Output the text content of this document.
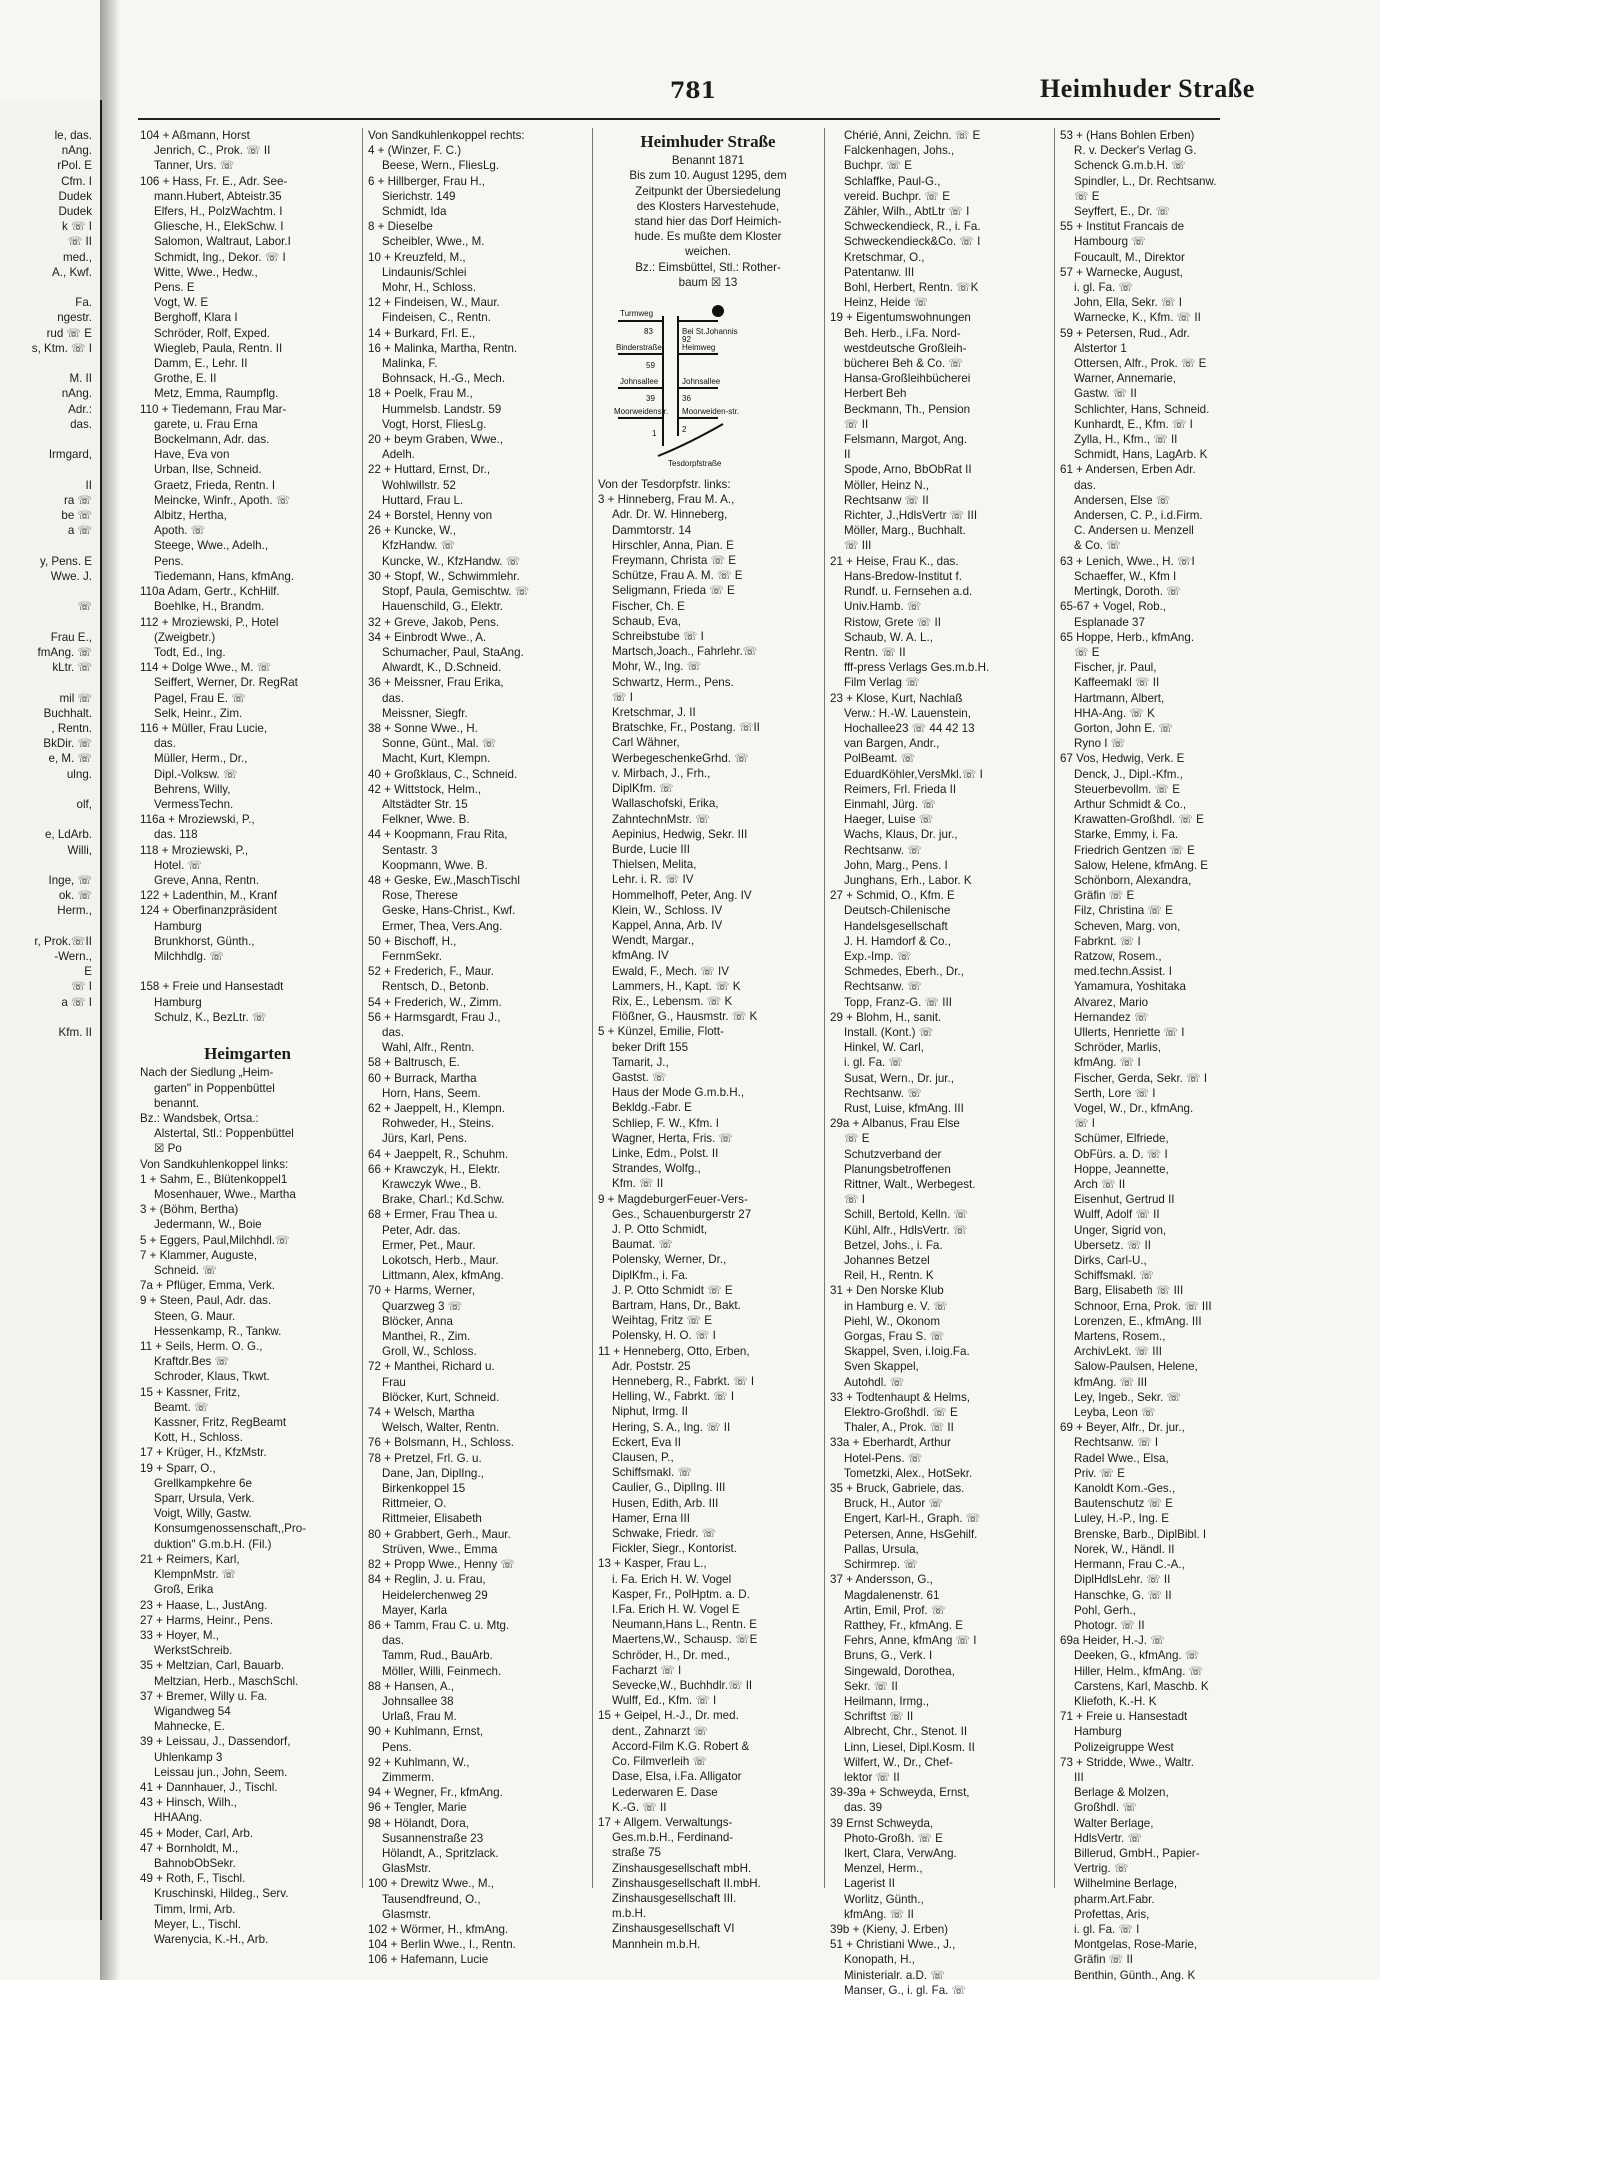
le, das.
nAng.
rPol. E
Cfm. I
Dudek
Dudek
k ☏ I
☏ II
med.,
A., Kwf.

Fa.
ngestr.
rud ☏ E
s, Ktm. ☏ I

M. II
nAng.
Adr.:
das.

Irmgard,

II
ra ☏
be ☏
a ☏

y, Pens. E
Wwe. J.

☏

Frau E.,
fmAng. ☏
kLtr. ☏

mil ☏
Buchhalt.
, Rentn.
BkDir. ☏
e, M. ☏
ulng.

olf,

e, LdArb.
Willi,

Inge, ☏
ok. ☏
Herm.,

r, Prok.☏II
-Wern.,
E
☏ I
a ☏ I

Kfm. II
781	Heimhuder Straße
104 + Aßmann, Horst
Jenrich, C., Prok. ☏ II
Tanner, Urs. ☏
106 + Hass, Fr. E., Adr. See-
mann.Hubert, Abteistr.35
Elfers, H., PolzWachtm. I
Gliesche, H., ElekSchw. I
Salomon, Waltraut, Labor.I
Schmidt, Ing., Dekor. ☏ I
Witte, Wwe., Hedw.,
Pens. E
Vogt, W. E
Berghoff, Klara I
Schröder, Rolf, Exped.
Wiegleb, Paula, Rentn. II
Damm, E., Lehr. II
Grothe, E. II
Metz, Emma, Raumpflg.
110 + Tiedemann, Frau Mar-
garete, u. Frau Erna
Bockelmann, Adr. das.
Have, Eva von
Urban, Ilse, Schneid.
Graetz, Frieda, Rentn. I
Meincke, Winfr., Apoth. ☏
Albitz, Hertha,
Apoth. ☏
Steege, Wwe., Adelh.,
Pens.
Tiedemann, Hans, kfmAng.
110a Adam, Gertr., KchHilf.
Boehlke, H., Brandm.
112 + Mroziewski, P., Hotel
(Zweigbetr.)
Todt, Ed., Ing.
114 + Dolge Wwe., M. ☏
Seiffert, Werner, Dr. RegRat
Pagel, Frau E. ☏
Selk, Heinr., Zim.
116 + Müller, Frau Lucie,
das.
Müller, Herm., Dr.,
Dipl.-Volksw. ☏
Behrens, Willy,
VermessTechn.
116a + Mroziewski, P.,
das. 118
118 + Mroziewski, P.,
Hotel. ☏
Greve, Anna, Rentn.
122 + Ladenthin, M., Kranf
124 + Oberfinanzpräsident
Hamburg
Brunkhorst, Günth.,
Milchhdlg. ☏

158 + Freie und Hansestadt
Hamburg
Schulz, K., BezLtr. ☏

Heimgarten
Nach der Siedlung „Heim-
garten" in Poppenbüttel
benannt.
Bz.: Wandsbek, Ortsa.:
Alstertal, Stl.: Poppenbüttel
☒ Po
Von Sandkuhlenkoppel links:
1 + Sahm, E., Blütenkoppel1
Mosenhauer, Wwe., Martha
3 + (Böhm, Bertha)
Jedermann, W., Boie
5 + Eggers, Paul,Milchhdl.☏
7 + Klammer, Auguste,
Schneid. ☏
7a + Pflüger, Emma, Verk.
9 + Steen, Paul, Adr. das.
Steen, G. Maur.
Hessenkamp, R., Tankw.
11 + Seils, Herm. O. G.,
Kraftdr.Bes ☏
Schroder, Klaus, Tkwt.
15 + Kassner, Fritz,
Beamt. ☏
Kassner, Fritz, RegBeamt
Kott, H., Schloss.
17 + Krüger, H., KfzMstr.
19 + Sparr, O.,
Grellkampkehre 6e
Sparr, Ursula, Verk.
Voigt, Willy, Gastw.
Konsumgenossenschaft,,Pro-
duktion" G.m.b.H. (Fil.)
21 + Reimers, Karl,
KlempnMstr. ☏
Groß, Erika
23 + Haase, L., JustAng.
27 + Harms, Heinr., Pens.
33 + Hoyer, M.,
WerkstSchreib.
35 + Meltzian, Carl, Bauarb.
Meltzian, Herb., MaschSchl.
37 + Bremer, Willy u. Fa.
Wigandweg 54
Mahnecke, E.
39 + Leissau, J., Dassendorf,
Uhlenkamp 3
Leissau jun., John, Seem.
41 + Dannhauer, J., Tischl.
43 + Hinsch, Wilh.,
HHAAng.
45 + Moder, Carl, Arb.
47 + Bornholdt, M.,
BahnobObSekr.
49 + Roth, F., Tischl.
Kruschinski, Hildeg., Serv.
Timm, Irmi, Arb.
Meyer, L., Tischl.
Warenycia, K.-H., Arb.
Von Sandkuhlenkoppel rechts:
4 + (Winzer, F. C.)
Beese, Wern., FliesLg.
6 + Hillberger, Frau H.,
Sierichstr. 149
Schmidt, Ida
8 + Dieselbe
Scheibler, Wwe., M.
10 + Kreuzfeld, M.,
Lindaunis/Schlei
Mohr, H., Schloss.
12 + Findeisen, W., Maur.
Findeisen, C., Rentn.
14 + Burkard, Frl. E.,
16 + Malinka, Martha, Rentn.
Malinka, F.
Bohnsack, H.-G., Mech.
18 + Poelk, Frau M.,
Hummelsb. Landstr. 59
Vogt, Horst, FliesLg.
20 + beym Graben, Wwe.,
Adelh.
22 + Huttard, Ernst, Dr.,
Wohlwillstr. 52
Huttard, Frau L.
24 + Borstel, Henny von
26 + Kuncke, W.,
KfzHandw. ☏
Kuncke, W., KfzHandw. ☏
30 + Stopf, W., Schwimmlehr.
Stopf, Paula, Gemischtw. ☏
Hauenschild, G., Elektr.
32 + Greve, Jakob, Pens.
34 + Einbrodt Wwe., A.
Schumacher, Paul, StaAng.
Alwardt, K., D.Schneid.
36 + Meissner, Frau Erika,
das.
Meissner, Siegfr.
38 + Sonne Wwe., H.
Sonne, Günt., Mal. ☏
Macht, Kurt, Klempn.
40 + Großklaus, C., Schneid.
42 + Wittstock, Helm.,
Altstädter Str. 15
Felkner, Wwe. B.
44 + Koopmann, Frau Rita,
Sentastr. 3
Koopmann, Wwe. B.
48 + Geske, Ew.,MaschTischl
Rose, Therese
Geske, Hans-Christ., Kwf.
Ermer, Thea, Vers.Ang.
50 + Bischoff, H.,
FernmSekr.
52 + Frederich, F., Maur.
Rentsch, D., Betonb.
54 + Frederich, W., Zimm.
56 + Harmsgardt, Frau J.,
das.
Wahl, Alfr., Rentn.
58 + Baltrusch, E.
60 + Burrack, Martha
Horn, Hans, Seem.
62 + Jaeppelt, H., Klempn.
Rohweder, H., Steins.
Jürs, Karl, Pens.
64 + Jaeppelt, R., Schuhm.
66 + Krawczyk, H., Elektr.
Krawczyk Wwe., B.
Brake, Charl.; Kd.Schw.
68 + Ermer, Frau Thea u.
Peter, Adr. das.
Ermer, Pet., Maur.
Lokotsch, Herb., Maur.
Littmann, Alex, kfmAng.
70 + Harms, Werner,
Quarzweg 3 ☏
Blöcker, Anna
Manthei, R., Zim.
Groll, W., Schloss.
72 + Manthei, Richard u.
Frau
Blöcker, Kurt, Schneid.
74 + Welsch, Martha
Welsch, Walter, Rentn.
76 + Bolsmann, H., Schloss.
78 + Pretzel, Frl. G. u.
Dane, Jan, DiplIng.,
Birkenkoppel 15
Rittmeier, O.
Rittmeier, Elisabeth
80 + Grabbert, Gerh., Maur.
Strüven, Wwe., Emma
82 + Propp Wwe., Henny ☏
84 + Reglin, J. u. Frau,
Heidelerchenweg 29
Mayer, Karla
86 + Tamm, Frau C. u. Mtg.
das.
Tamm, Rud., BauArb.
Möller, Willi, Feinmech.
88 + Hansen, A.,
Johnsallee 38
Urlaß, Frau M.
90 + Kuhlmann, Ernst,
Pens.
92 + Kuhlmann, W.,
Zimmerm.
94 + Wegner, Fr., kfmAng.
96 + Tengler, Marie
98 + Hölandt, Dora,
Susannenstraße 23
Hölandt, A., Spritzlack.
GlasMstr.
100 + Drewitz Wwe., M.,
Tausendfreund, O.,
Glasmstr.
102 + Wörmer, H., kfmAng.
104 + Berlin Wwe., I., Rentn.
106 + Hafemann, Lucie
Heimhuder Straße
Benannt 1871
Bis zum 10. August 1295, dem
Zeitpunkt der Übersiedelung
des Klosters Harvestehude,
stand hier das Dorf Heimich-
hude. Es mußte dem Kloster
weichen.
Bz.: Eimsbüttel, Stl.: Rother-
baum ☒ 13
Turmweg
Bei St.Johannis
Binderstraße	Heimweg
Johnsallee	Johnsallee
Moorweidenstr. Moorweiden-str.
Tesdorpfstraße
83
92
59
39	36
1	2
Von der Tesdorpfstr. links:
3 + Hinneberg, Frau M. A.,
Adr. Dr. W. Hinneberg,
Dammtorstr. 14
Hirschler, Anna, Pian. E
Freymann, Christa ☏ E
Schütze, Frau A. M. ☏ E
Seligmann, Frieda ☏ E
Fischer, Ch. E
Schaub, Eva,
Schreibstube ☏ I
Martsch,Joach., Fahrlehr.☏
Mohr, W., Ing. ☏
Schwartz, Herm., Pens.
☏ I
Kretschmar, J. II
Bratschke, Fr., Postang. ☏II
Carl Wähner,
WerbegeschenkeGrhd. ☏
v. Mirbach, J., Frh.,
DiplKfm. ☏
Wallaschofski, Erika,
ZahntechnMstr. ☏
Aepinius, Hedwig, Sekr. III
Burde, Lucie III
Thielsen, Melita,
Lehr. i. R. ☏ IV
Hommelhoff, Peter, Ang. IV
Klein, W., Schloss. IV
Kappel, Anna, Arb. IV
Wendt, Margar.,
kfmAng. IV
Ewald, F., Mech. ☏ IV
Lammers, H., Kapt. ☏ K
Rix, E., Lebensm. ☏ K
Flößner, G., Hausmstr. ☏ K
5 + Künzel, Emilie, Flott-
beker Drift 155
Tamarit, J.,
Gastst. ☏
Haus der Mode G.m.b.H.,
Bekldg.-Fabr. E
Schliep, F. W., Kfm. I
Wagner, Herta, Fris. ☏
Linke, Edm., Polst. II
Strandes, Wolfg.,
Kfm. ☏ II
9 + MagdeburgerFeuer-Vers-
Ges., Schauenburgerstr 27
J. P. Otto Schmidt,
Baumat. ☏
Polensky, Werner, Dr.,
DiplKfm., i. Fa.
J. P. Otto Schmidt ☏ E
Bartram, Hans, Dr., Bakt.
Weihtag, Fritz ☏ E
Polensky, H. O. ☏ I
11 + Henneberg, Otto, Erben,
Adr. Poststr. 25
Henneberg, R., Fabrkt. ☏ I
Helling, W., Fabrkt. ☏ I
Niphut, Irmg. II
Hering, S. A., Ing. ☏ II
Eckert, Eva II
Clausen, P.,
Schiffsmakl. ☏
Caulier, G., DiplIng. III
Husen, Edith, Arb. III
Hamer, Erna III
Schwake, Friedr. ☏
Fickler, Siegr., Kontorist.
13 + Kasper, Frau L.,
i. Fa. Erich H. W. Vogel
Kasper, Fr., PolHptm. a. D.
I.Fa. Erich H. W. Vogel E
Neumann,Hans L., Rentn. E
Maertens,W., Schausp. ☏E
Schröder, H., Dr. med.,
Facharzt ☏ I
Sevecke,W., Buchhdlr.☏ II
Wulff, Ed., Kfm. ☏ I
15 + Geipel, H.-J., Dr. med.
dent., Zahnarzt ☏
Accord-Film K.G. Robert &
Co. Filmverleih ☏
Dase, Elsa, i.Fa. Alligator
Lederwaren E. Dase
K.-G. ☏ II
17 + Allgem. Verwaltungs-
Ges.m.b.H., Ferdinand-
straße 75
Zinshausgesellschaft mbH.
Zinshausgesellschaft II.mbH.
Zinshausgesellschaft III.
m.b.H.
Zinshausgesellschaft VI
Mannhein m.b.H.
Chérié, Anni, Zeichn. ☏ E
Falckenhagen, Johs.,
Buchpr. ☏ E
Schlaffke, Paul-G.,
vereid. Buchpr. ☏ E
Zähler, Wilh., AbtLtr ☏ I
Schweckendieck, R., i. Fa.
Schweckendieck&Co. ☏ I
Kretschmar, O.,
Patentanw. III
Bohl, Herbert, Rentn. ☏K
Heinz, Heide ☏
19 + Eigentumswohnungen
Beh. Herb., i.Fa. Nord-
westdeutsche Großleih-
büchereı Beh & Co. ☏
Hansa-Großleihbücherei
Herbert Beh
Beckmann, Th., Pension
☏ II
Felsmann, Margot, Ang.
II
Spode, Arno, BbObRat II
Möller, Heinz N.,
Rechtsanw ☏ II
Richter, J.,HdlsVertr ☏ III
Möller, Marg., Buchhalt.
☏ III
21 + Heise, Frau K., das.
Hans-Bredow-Institut f.
Rundf. u. Fernsehen a.d.
Univ.Hamb. ☏
Ristow, Grete ☏ II
Schaub, W. A. L.,
Rentn. ☏ II
fff-press Verlags Ges.m.b.H.
Film Verlag ☏
23 + Klose, Kurt, Nachlaß
Verw.: H.-W. Lauenstein,
Hochallee23 ☏ 44 42 13
van Bargen, Andr.,
PolBeamt. ☏
EduardKöhler,VersMkl.☏ I
Reimers, Frl. Frieda II
Einmahl, Jürg. ☏
Haeger, Luise ☏
Wachs, Klaus, Dr. jur.,
Rechtsanw. ☏
John, Marg., Pens. I
Junghans, Erh., Labor. K
27 + Schmid, O., Kfm. E
Deutsch-Chilenische
Handelsgesellschaft
J. H. Hamdorf & Co.,
Exp.-Imp. ☏
Schmedes, Eberh., Dr.,
Rechtsanw. ☏
Topp, Franz-G. ☏ III
29 + Blohm, H., sanit.
Install. (Kont.) ☏
Hinkel, W. Carl,
i. gl. Fa. ☏
Susat, Wern., Dr. jur.,
Rechtsanw. ☏
Rust, Luise, kfmAng. III
29a + Albanus, Frau Else
☏ E
Schutzverband der
Planungsbetroffenen
Rittner, Walt., Werbegest.
☏ I
Schill, Bertold, Kelln. ☏
Kühl, Alfr., HdlsVertr. ☏
Betzel, Johs., i. Fa.
Johannes Betzel
Reil, H., Rentn. K
31 + Den Norske Klub
in Hamburg e. V. ☏
Piehl, W., Okonom
Gorgas, Frau S. ☏
Skappel, Sven, i.Ioig.Fa.
Sven Skappel,
Autohdl. ☏
33 + Todtenhaupt & Helms,
Elektro-Großhdl. ☏ E
Thaler, A., Prok. ☏ II
33a + Eberhardt, Arthur
Hotel-Pens. ☏
Tometzki, Alex., HotSekr.
35 + Bruck, Gabriele, das.
Bruck, H., Autor ☏
Engert, Karl-H., Graph. ☏
Petersen, Anne, HsGehilf.
Pallas, Ursula,
Schirmrep. ☏
37 + Andersson, G.,
Magdalenenstr. 61
Artin, Emil, Prof. ☏
Ratthey, Fr., kfmAng. E
Fehrs, Anne, kfmAng ☏ I
Bruns, G., Verk. I
Singewald, Dorothea,
Sekr. ☏ II
Heilmann, Irmg.,
Schriftst ☏ II
Albrecht, Chr., Stenot. II
Linn, Liesel, Dipl.Kosm. II
Wilfert, W., Dr., Chef-
lektor ☏ II
39-39a + Schweyda, Ernst,
das. 39
39 Ernst Schweyda,
Photo-Großh. ☏ E
Ikert, Clara, VerwAng.
Menzel, Herm.,
Lagerist II
Worlitz, Günth.,
kfmAng. ☏ II
39b + (Kieny, J. Erben)
51 + Christiani Wwe., J.,
Konopath, H.,
Ministerialr. a.D. ☏
Manser, G., i. gl. Fa. ☏
53 + (Hans Bohlen Erben)
R. v. Decker's Verlag G.
Schenck G.m.b.H. ☏
Spindler, L., Dr. Rechtsanw.
☏ E
Seyffert, E., Dr. ☏
55 + Institut Francais de
Hambourg ☏
Foucault, M., Direktor
57 + Warnecke, August,
i. gl. Fa. ☏
John, Ella, Sekr. ☏ I
Warnecke, K., Kfm. ☏ II
59 + Petersen, Rud., Adr.
Alstertor 1
Ottersen, Alfr., Prok. ☏ E
Warner, Annemarie,
Gastw. ☏ II
Schlichter, Hans, Schneid.
Kunhardt, E., Kfm. ☏ I
Zylla, H., Kfm., ☏ II
Schmidt, Hans, LagArb. K
61 + Andersen, Erben Adr.
das.
Andersen, Else ☏
Andersen, C. P., i.d.Firm.
C. Andersen u. Menzell
& Co. ☏
63 + Lenich, Wwe., H. ☏I
Schaeffer, W., Kfm I
Mertingk, Doroth. ☏
65-67 + Vogel, Rob.,
Esplanade 37
65 Hoppe, Herb., kfmAng.
☏ E
Fischer, jr. Paul,
Kaffeemakl ☏ II
Hartmann, Albert,
HHA-Ang. ☏ K
Gorton, John E. ☏
Ryno I ☏
67 Vos, Hedwig, Verk. E
Denck, J., Dipl.-Kfm.,
Steuerbevollm. ☏ E
Arthur Schmidt & Co.,
Krawatten-Großhdl. ☏ E
Starke, Emmy, i. Fa.
Friedrich Gentzen ☏ E
Salow, Helene, kfmAng. E
Schönborn, Alexandra,
Gräfin ☏ E
Filz, Christina ☏ E
Scheven, Marg. von,
Fabrknt. ☏ I
Ratzow, Rosem.,
med.techn.Assist. I
Yamamura, Yoshitaka
Alvarez, Mario
Hernandez ☏
Ullerts, Henriette ☏ I
Schröder, Marlis,
kfmAng. ☏ I
Fischer, Gerda, Sekr. ☏ I
Serth, Lore ☏ I
Vogel, W., Dr., kfmAng.
☏ I
Schümer, Elfriede,
ObFürs. a. D. ☏ I
Hoppe, Jeannette,
Arch ☏ II
Eisenhut, Gertrud II
Wulff, Adolf ☏ II
Unger, Sigrid von,
Ubersetz. ☏ II
Dirks, Carl-U.,
Schiffsmakl. ☏
Barg, Elisabeth ☏ III
Schnoor, Erna, Prok. ☏ III
Lorenzen, E., kfmAng. III
Martens, Rosem.,
ArchivLekt. ☏ III
Salow-Paulsen, Helene,
kfmAng. ☏ III
Ley, Ingeb., Sekr. ☏
Leyba, Leon ☏
69 + Beyer, Alfr., Dr. jur.,
Rechtsanw. ☏ I
Radel Wwe., Elsa,
Priv. ☏ E
Kanoldt Kom.-Ges.,
Bautenschutz ☏ E
Luley, H.-P., Ing. E
Brenske, Barb., DiplBibl. I
Norek, W., Händl. II
Hermann, Frau C.-A.,
DiplHdlsLehr. ☏ II
Hanschke, G. ☏ II
Pohl, Gerh.,
Photogr. ☏ II
69a Heider, H.-J. ☏
Deeken, G., kfmAng. ☏
Hiller, Helm., kfmAng. ☏
Carstens, Karl, Maschb. K
Kliefoth, K.-H. K
71 + Freie u. Hansestadt
Hamburg
Polizeigruppe West
73 + Stridde, Wwe., Waltr.
III
Berlage & Molzen,
Großhdl. ☏
Walter Berlage,
HdlsVertr. ☏
Billerud, GmbH., Papier-
Vertrig. ☏
Wilhelmine Berlage,
pharm.Art.Fabr.
Profettas, Aris,
i. gl. Fa. ☏ I
Montgelas, Rose-Marie,
Gräfin ☏ II
Benthin, Günth., Ang. K
